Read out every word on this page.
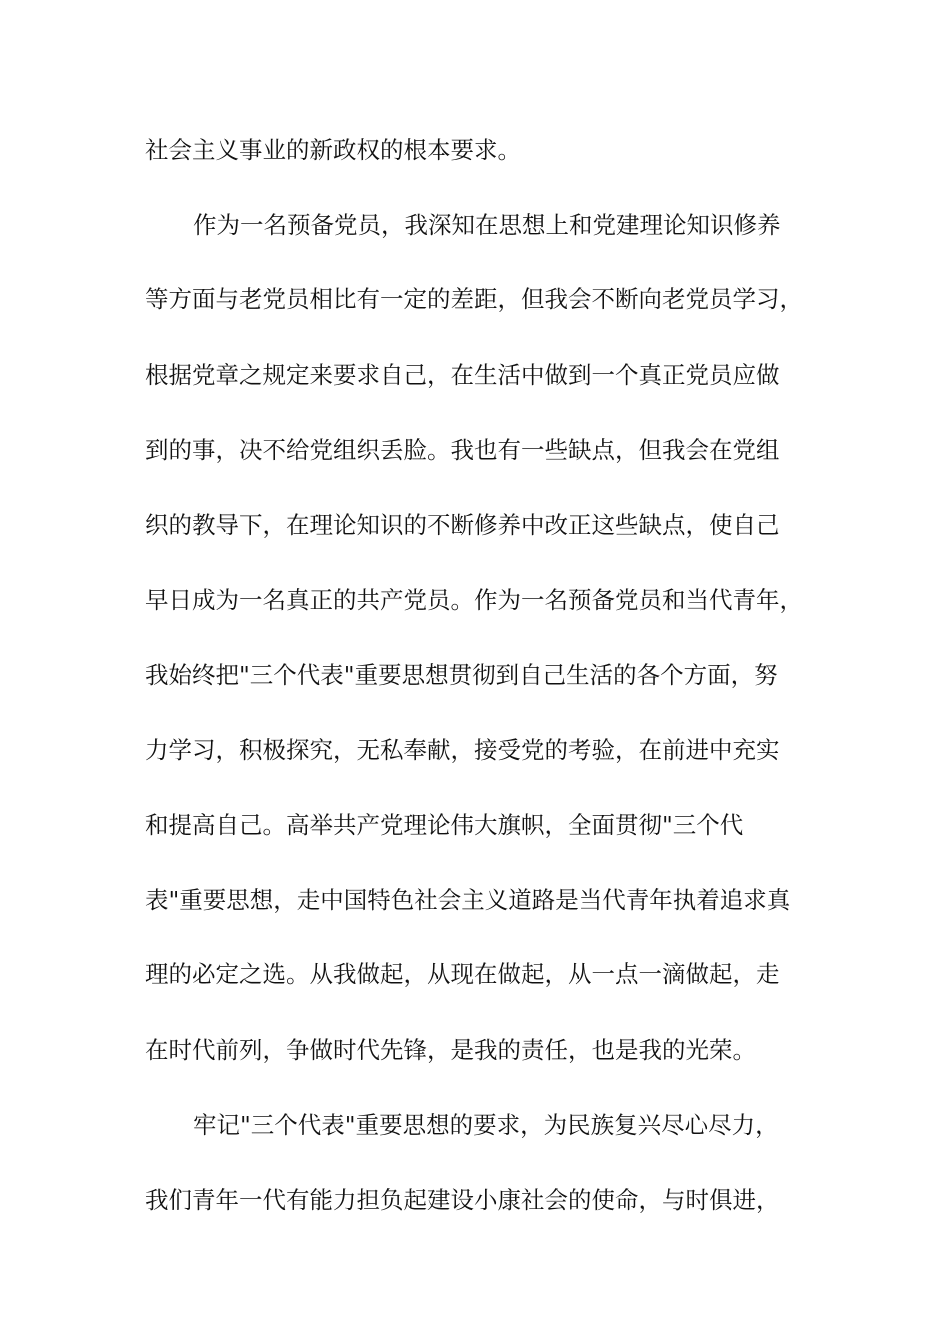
社会主义事业的新政权的根本要求。
作为一名预备党员，我深知在思想上和党建理论知识修养
等方面与老党员相比有一定的差距，但我会不断向老党员学习，
根据党章之规定来要求自己，在生活中做到一个真正党员应做
到的事，决不给党组织丢脸。我也有一些缺点，但我会在党组
织的教导下，在理论知识的不断修养中改正这些缺点，使自己
早日成为一名真正的共产党员。作为一名预备党员和当代青年，
我始终把"三个代表"重要思想贯彻到自己生活的各个方面，努
力学习，积极探究，无私奉献，接受党的考验，在前进中充实
和提高自己。高举共产党理论伟大旗帜，全面贯彻"三个代
表"重要思想，走中国特色社会主义道路是当代青年执着追求真
理的必定之选。从我做起，从现在做起，从一点一滴做起，走
在时代前列，争做时代先锋，是我的责任，也是我的光荣。
牢记"三个代表"重要思想的要求，为民族复兴尽心尽力，
我们青年一代有能力担负起建设小康社会的使命，与时俱进，
